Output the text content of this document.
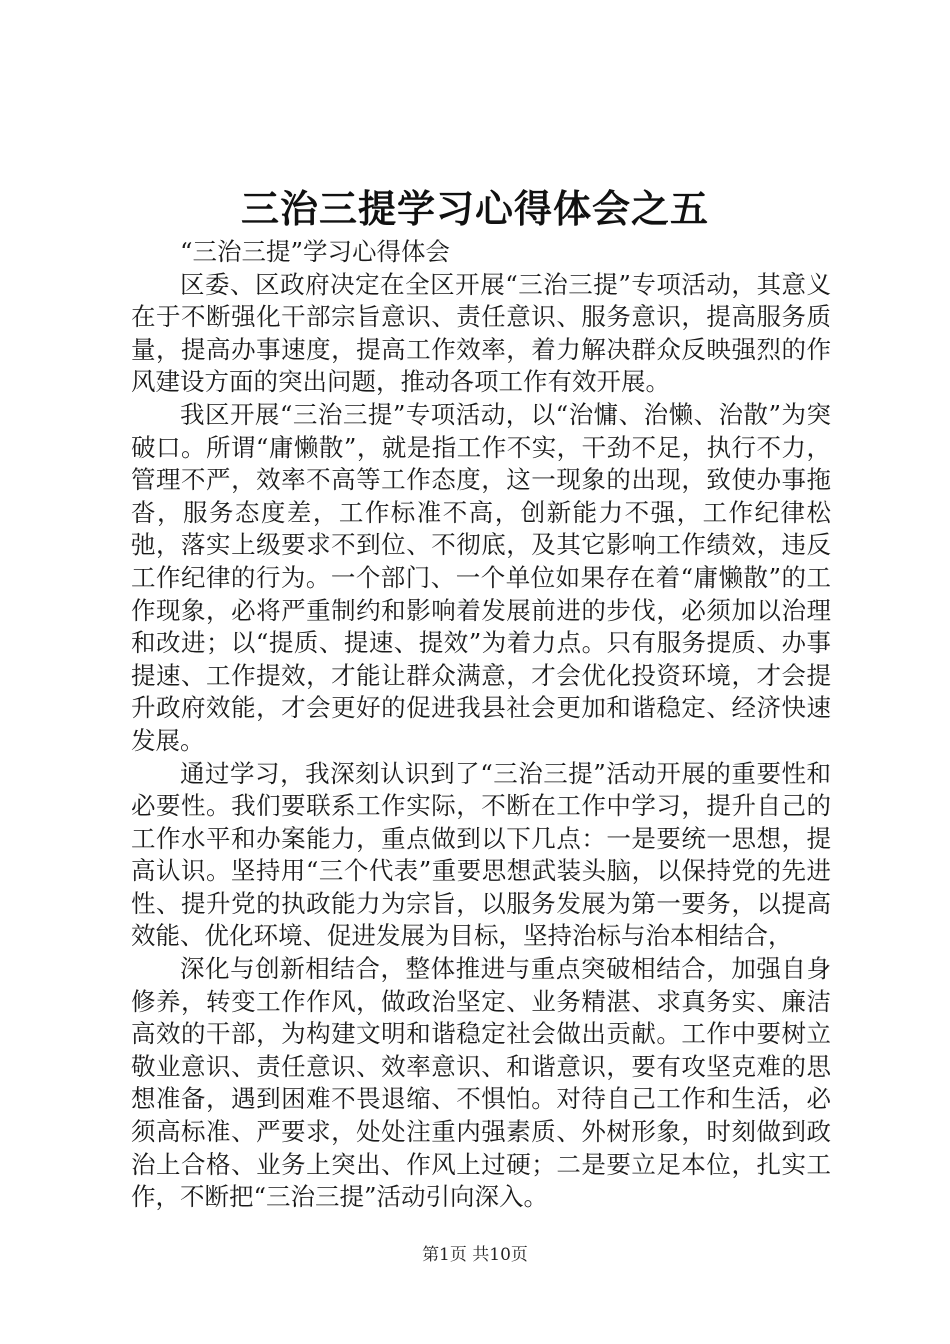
三治三提学习心得体会之五

“三治三提”学习心得体会

区委、区政府决定在全区开展“三治三提”专项活动，其意义在于不断强化干部宗旨意识、责任意识、服务意识，提高服务质量，提高办事速度，提高工作效率，着力解决群众反映强烈的作风建设方面的突出问题，推动各项工作有效开展。

我区开展“三治三提”专项活动，以“治慵、治懒、治散”为突破口。所谓“庸懒散”，就是指工作不实，干劲不足，执行不力，管理不严，效率不高等工作态度，这一现象的出现，致使办事拖沓，服务态度差，工作标准不高，创新能力不强，工作纪律松弛，落实上级要求不到位、不彻底，及其它影响工作绩效，违反工作纪律的行为。一个部门、一个单位如果存在着“庸懒散”的工作现象，必将严重制约和影响着发展前进的步伐，必须加以治理和改进；以“提质、提速、提效”为着力点。只有服务提质、办事提速、工作提效，才能让群众满意，才会优化投资环境，才会提升政府效能，才会更好的促进我县社会更加和谐稳定、经济快速发展。

通过学习，我深刻认识到了“三治三提”活动开展的重要性和必要性。我们要联系工作实际，不断在工作中学习，提升自己的工作水平和办案能力，重点做到以下几点：一是要统一思想，提高认识。坚持用“三个代表”重要思想武装头脑，以保持党的先进性、提升党的执政能力为宗旨，以服务发展为第一要务，以提高效能、优化环境、促进发展为目标，坚持治标与治本相结合，

深化与创新相结合，整体推进与重点突破相结合，加强自身修养，转变工作作风，做政治坚定、业务精湛、求真务实、廉洁高效的干部，为构建文明和谐稳定社会做出贡献。工作中要树立敬业意识、责任意识、效率意识、和谐意识，要有攻坚克难的思想准备，遇到困难不畏退缩、不惧怕。对待自己工作和生活，必须高标准、严要求，处处注重内强素质、外树形象，时刻做到政治上合格、业务上突出、作风上过硬；二是要立足本位，扎实工作，不断把“三治三提”活动引向深入。

第1页 共10页
